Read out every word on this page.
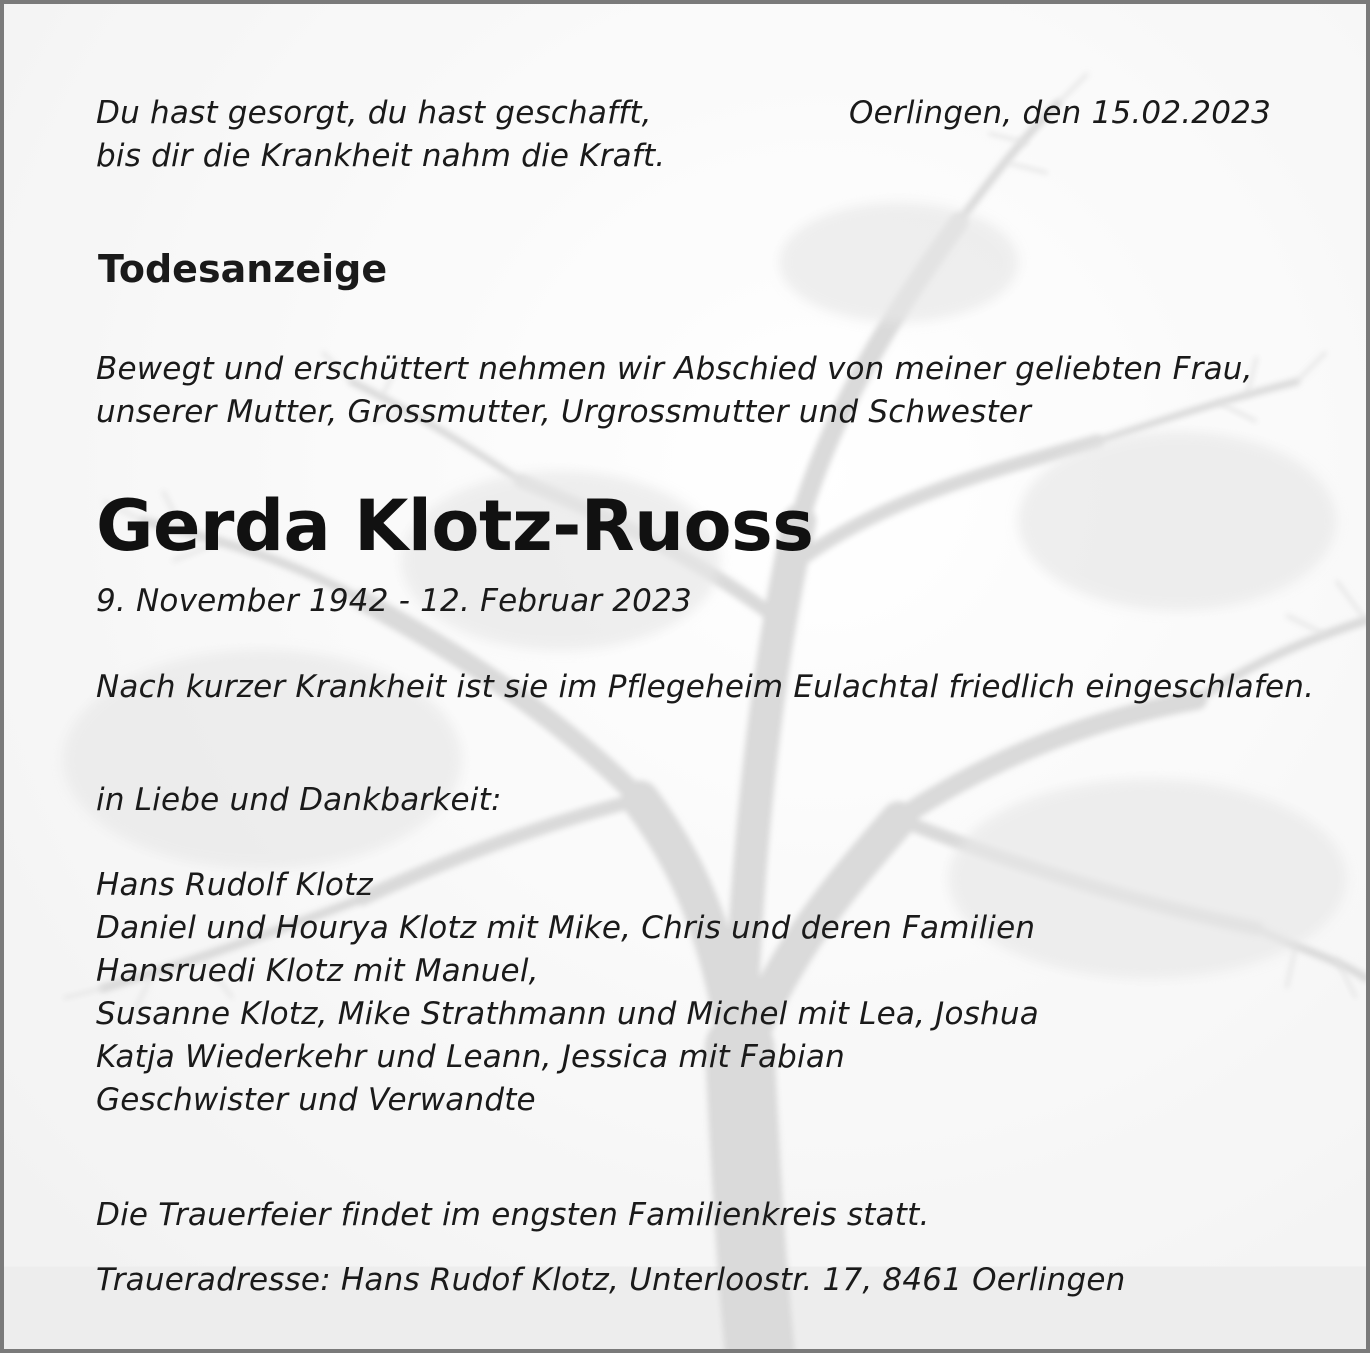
Du hast gesorgt, du hast geschafft,
bis dir die Krankheit nahm die Kraft.
Oerlingen, den 15.02.2023
Todesanzeige
Bewegt und erschüttert nehmen wir Abschied von meiner geliebten Frau,
unserer Mutter, Grossmutter, Urgrossmutter und Schwester
Gerda Klotz-Ruoss
9. November 1942 - 12. Februar 2023
Nach kurzer Krankheit ist sie im Pflegeheim Eulachtal friedlich eingeschlafen.
in Liebe und Dankbarkeit:
Hans Rudolf Klotz
Daniel und Hourya Klotz mit Mike, Chris und deren Familien
Hansruedi Klotz mit Manuel,
Susanne Klotz, Mike Strathmann und Michel mit Lea, Joshua
Katja Wiederkehr und Leann, Jessica mit Fabian
Geschwister und Verwandte
Die Trauerfeier findet im engsten Familienkreis statt.
Traueradresse: Hans Rudof Klotz, Unterloostr. 17, 8461 Oerlingen
